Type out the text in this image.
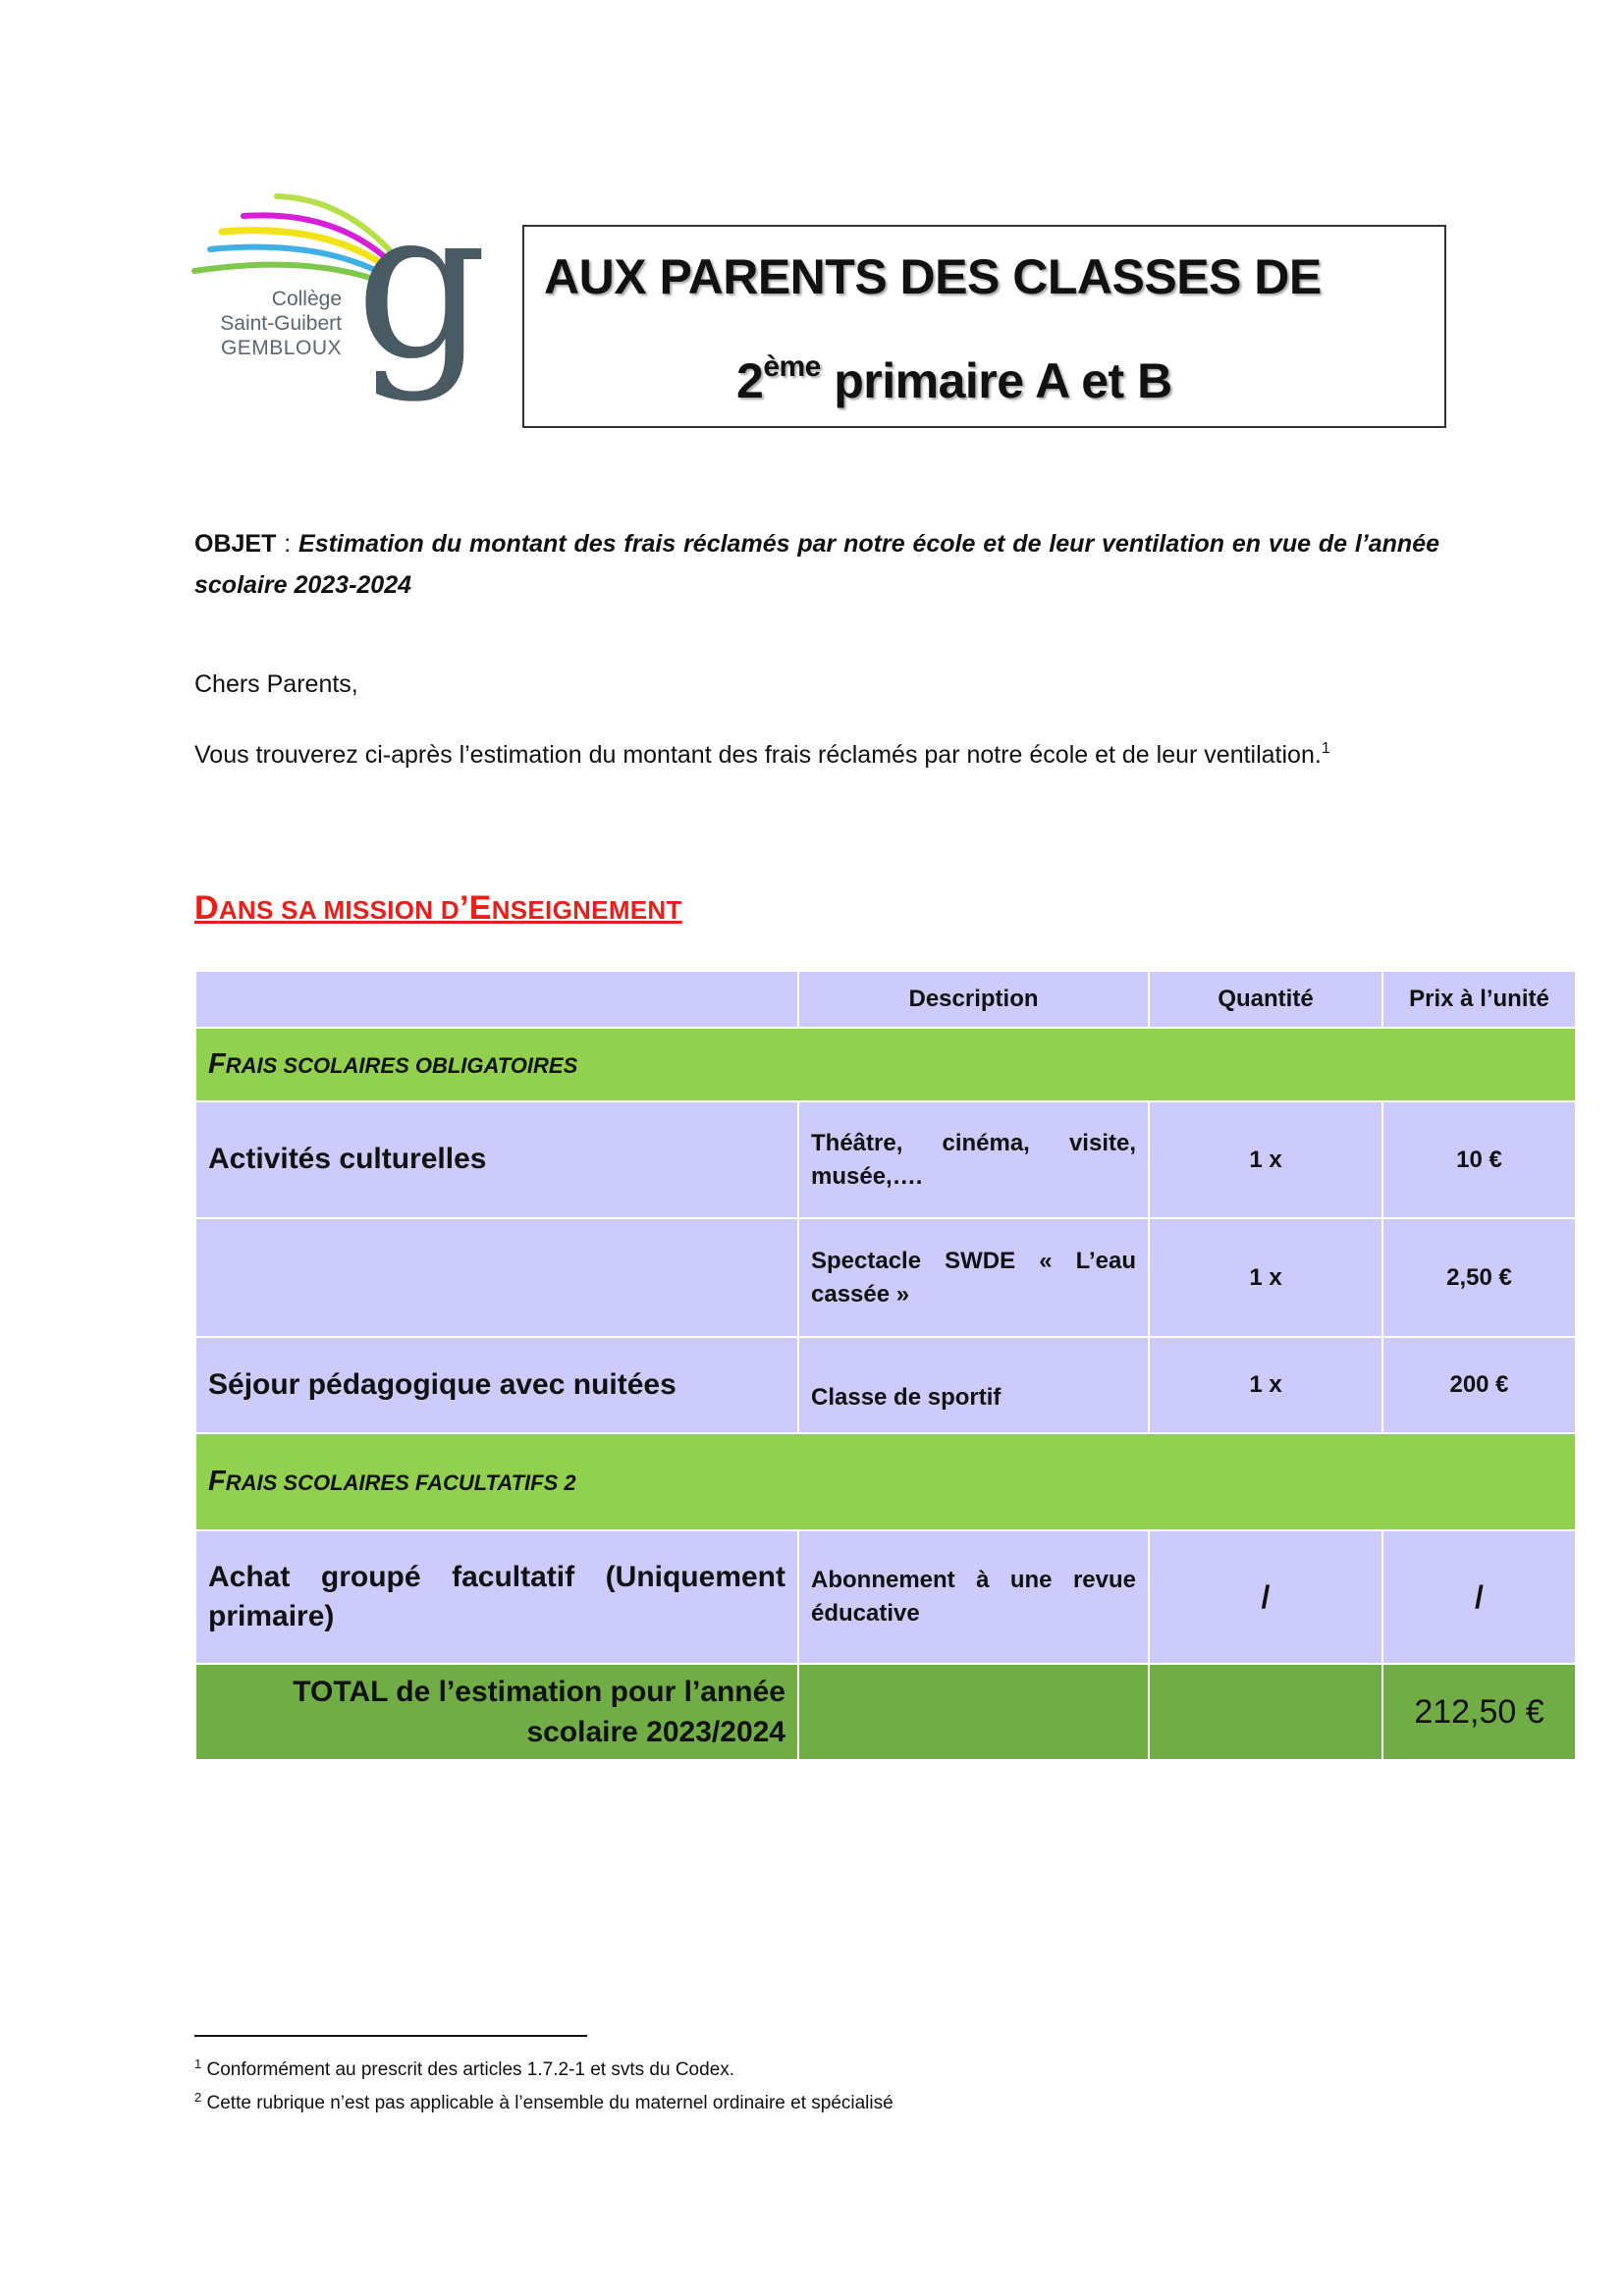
g
Collège
Saint-Guibert
GEMBLOUX
AUX PARENTS DES CLASSES DE
2ème primaire A et B
OBJET : Estimation du montant des frais réclamés par notre école et de leur ventilation en vue de l’année scolaire 2023-2024
Chers Parents,
Vous trouverez ci-après l’estimation du montant des frais réclamés par notre école et de leur ventilation.$^1$
DANS SA MISSION D’ENSEIGNEMENT
	Description	Quantité	Prix à l’unité
FRAIS SCOLAIRES OBLIGATOIRES			
Activités culturelles	Théâtre, cinéma, visite, musée,….	1 x	10 €
	Spectacle SWDE « L’eau cassée »	1 x	2,50 €
Séjour pédagogique avec nuitées	Classe de sportif	1 x	200 €
FRAIS SCOLAIRES FACULTATIFS 2			
Achat groupé facultatif (Uniquement primaire)	Abonnement à une revue éducative	/	/
TOTAL de l’estimation pour l’année scolaire 2023/2024			212,50 €
$^1$ Conformément au prescrit des articles 1.7.2-1 et svts du Codex.
$^2$ Cette rubrique n’est pas applicable à l’ensemble du maternel ordinaire et spécialisé
